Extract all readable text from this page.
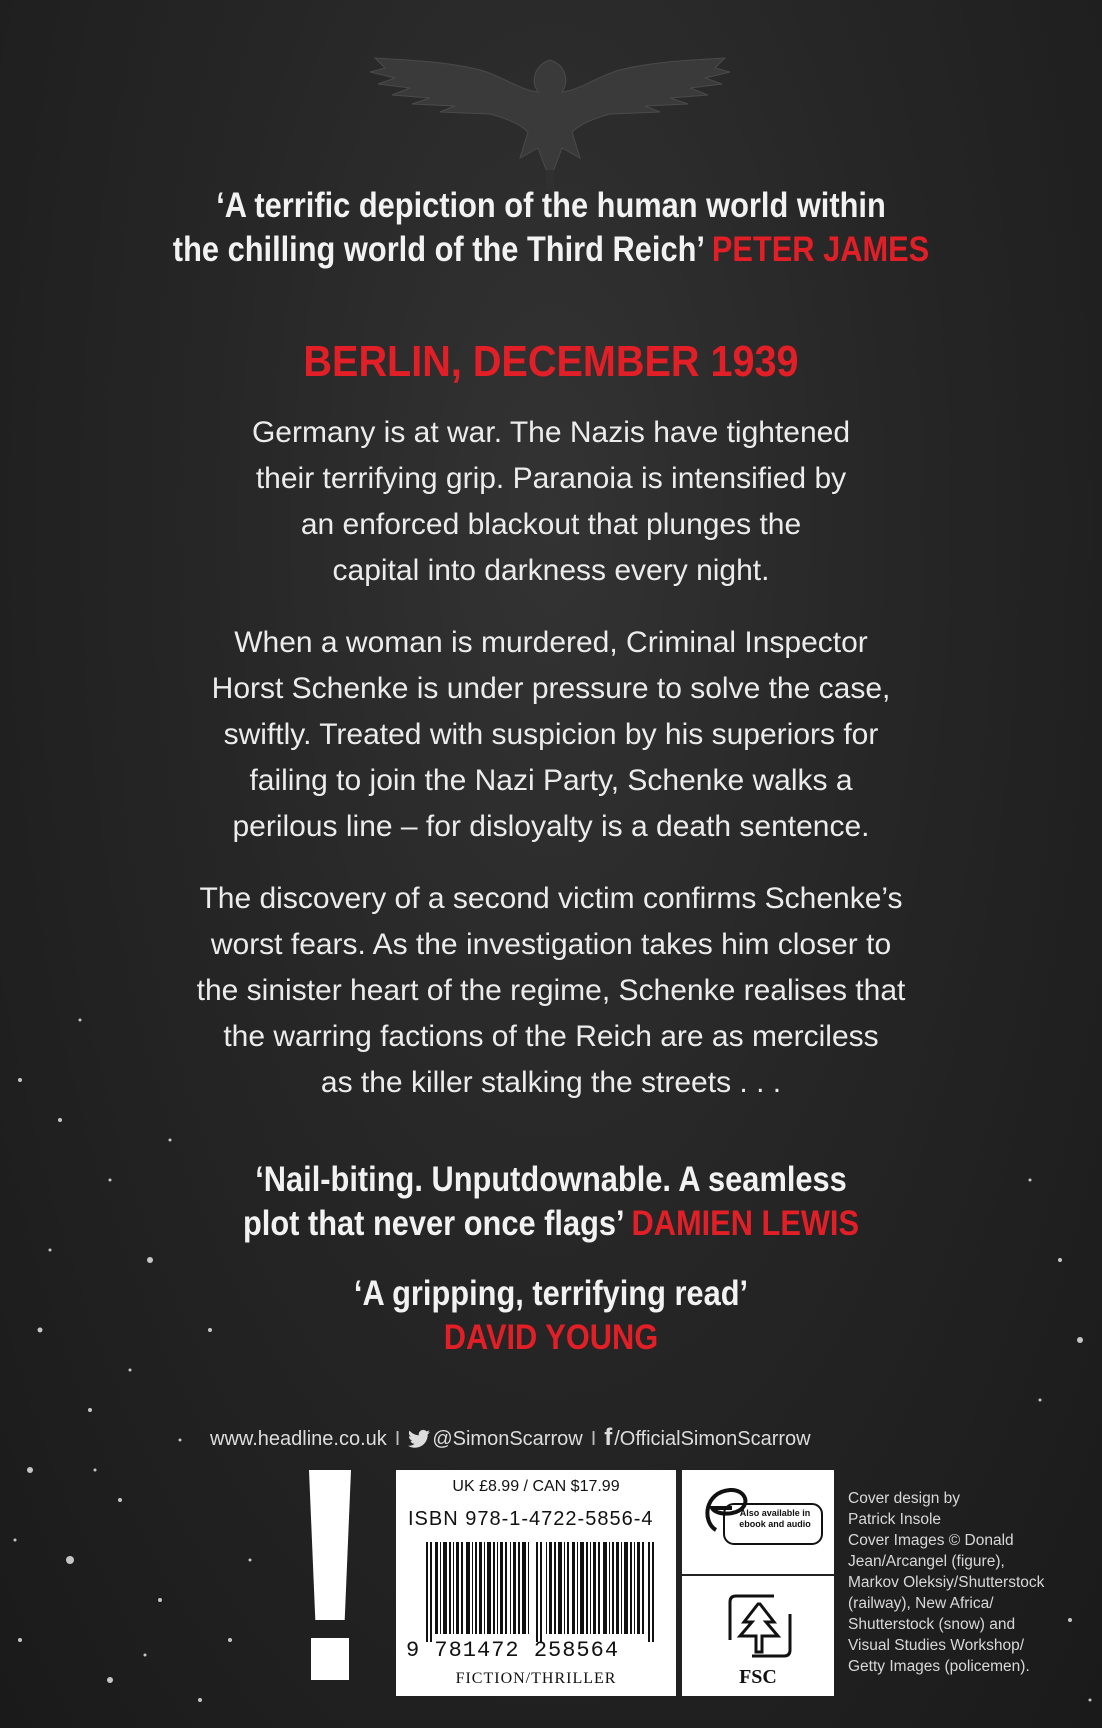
‘A terrific depiction of the human world within
the chilling world of the Third Reich’ PETER JAMES
BERLIN, DECEMBER 1939
Germany is at war. The Nazis have tightened
their terrifying grip. Paranoia is intensified by
an enforced blackout that plunges the
capital into darkness every night.
When a woman is murdered, Criminal Inspector
Horst Schenke is under pressure to solve the case,
swiftly. Treated with suspicion by his superiors for
failing to join the Nazi Party, Schenke walks a
perilous line – for disloyalty is a death sentence.
The discovery of a second victim confirms Schenke’s
worst fears. As the investigation takes him closer to
the sinister heart of the regime, Schenke realises that
the warring factions of the Reich are as merciless
as the killer stalking the streets . . .
‘Nail-biting. Unputdownable. A seamless
plot that never once flags’ DAMIEN LEWIS
‘A gripping, terrifying read’
DAVID YOUNG
www.headline.co.uk I @SimonScarrow I f /OfficialSimonScarrow
UK £8.99 / CAN $17.99
ISBN 978-1-4722-5856-4
9 781472 258564
FICTION/THRILLER
Also available in
ebook and audio
FSC
Cover design by
Patrick Insole
Cover Images © Donald
Jean/Arcangel (figure),
Markov Oleksiy/Shutterstock
(railway), New Africa/
Shutterstock (snow) and
Visual Studies Workshop/
Getty Images (policemen).
